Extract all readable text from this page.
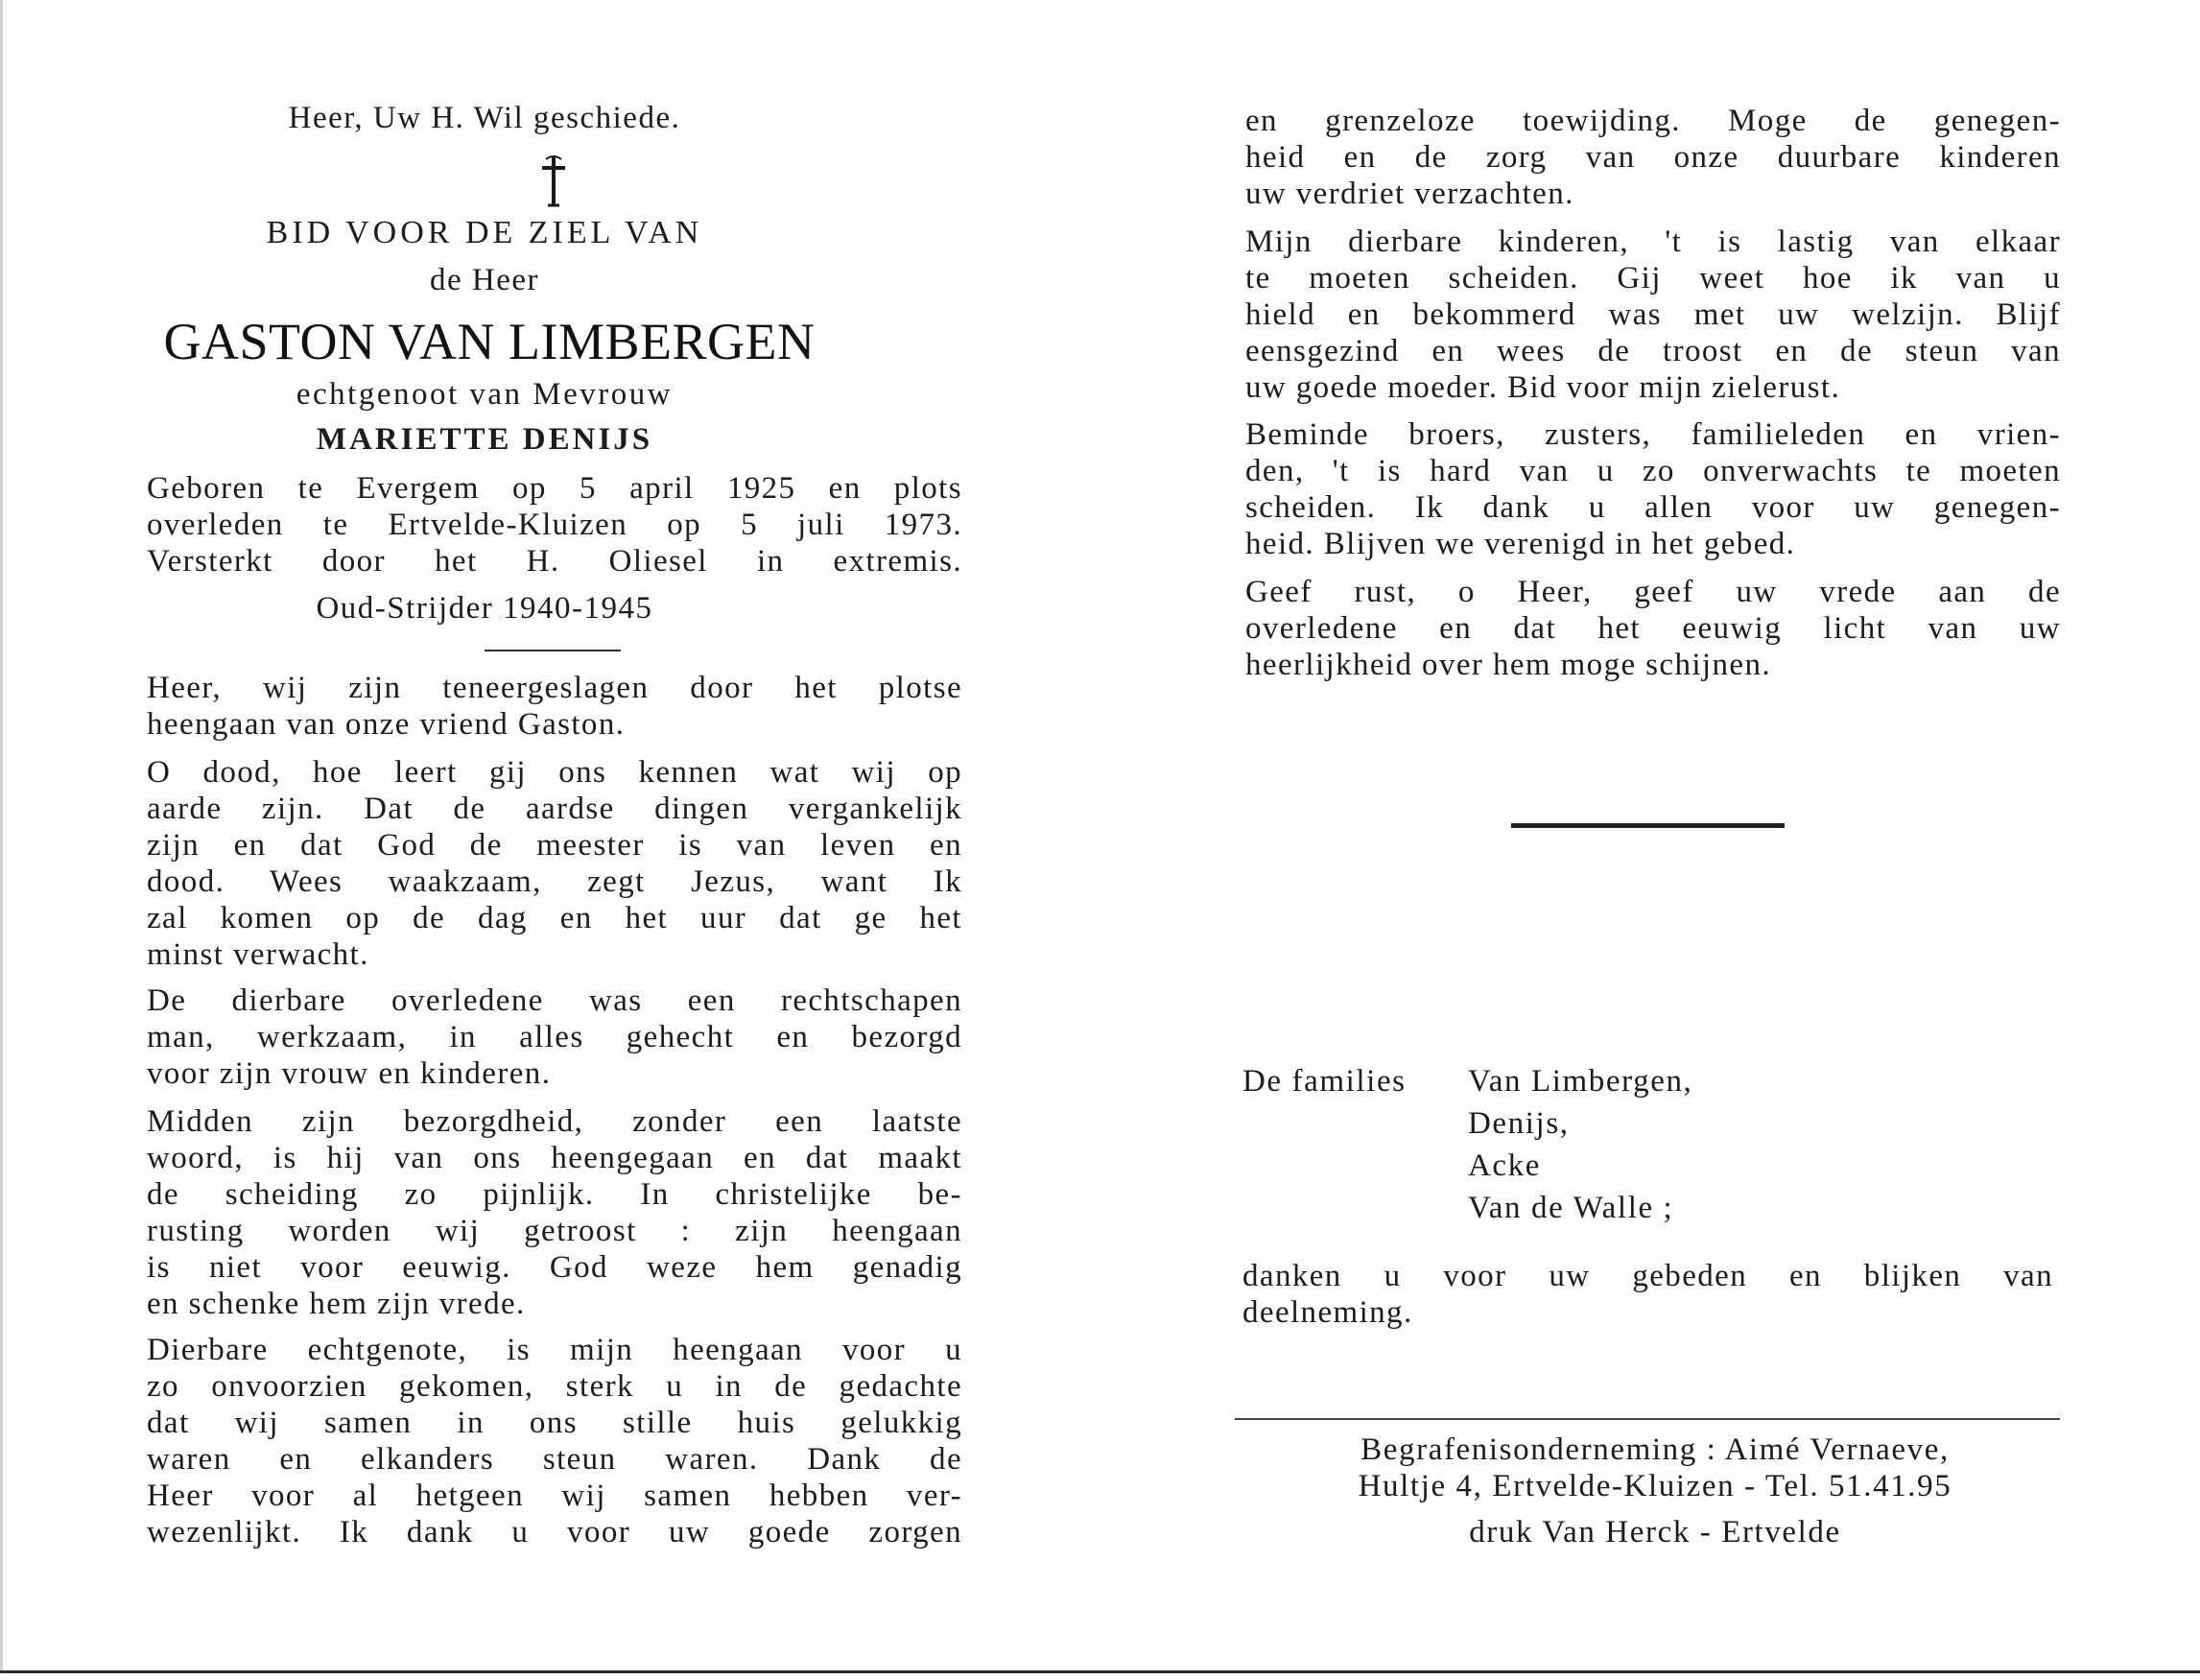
Heer, Uw H. Wil geschiede.
BID VOOR DE ZIEL VAN
de Heer
GASTON VAN LIMBERGEN
echtgenoot van Mevrouw
MARIETTE DENIJS
Geboren te Evergem op 5 april 1925 en plots
overleden te Ertvelde-Kluizen op 5 juli 1973.
Versterkt door het H. Oliesel in extremis.
Oud-Strijder 1940-1945
Heer, wij zijn teneergeslagen door het plotse
heengaan van onze vriend Gaston.
O dood, hoe leert gij ons kennen wat wij op
aarde zijn. Dat de aardse dingen vergankelijk
zijn en dat God de meester is van leven en
dood. Wees waakzaam, zegt Jezus, want Ik
zal komen op de dag en het uur dat ge het
minst verwacht.
De dierbare overledene was een rechtschapen
man, werkzaam, in alles gehecht en bezorgd
voor zijn vrouw en kinderen.
Midden zijn bezorgdheid, zonder een laatste
woord, is hij van ons heengegaan en dat maakt
de scheiding zo pijnlijk. In christelijke be-
rusting worden wij getroost : zijn heengaan
is niet voor eeuwig. God weze hem genadig
en schenke hem zijn vrede.
Dierbare echtgenote, is mijn heengaan voor u
zo onvoorzien gekomen, sterk u in de gedachte
dat wij samen in ons stille huis gelukkig
waren en elkanders steun waren. Dank de
Heer voor al hetgeen wij samen hebben ver-
wezenlijkt. Ik dank u voor uw goede zorgen
en grenzeloze toewijding. Moge de genegen-
heid en de zorg van onze duurbare kinderen
uw verdriet verzachten.
Mijn dierbare kinderen, 't is lastig van elkaar
te moeten scheiden. Gij weet hoe ik van u
hield en bekommerd was met uw welzijn. Blijf
eensgezind en wees de troost en de steun van
uw goede moeder. Bid voor mijn zielerust.
Beminde broers, zusters, familieleden en vrien-
den, 't is hard van u zo onverwachts te moeten
scheiden. Ik dank u allen voor uw genegen-
heid. Blijven we verenigd in het gebed.
Geef rust, o Heer, geef uw vrede aan de
overledene en dat het eeuwig licht van uw
heerlijkheid over hem moge schijnen.
De families Van Limbergen,
Denijs,
Acke
Van de Walle ;
danken u voor uw gebeden en blijken van
deelneming.
Begrafenisonderneming : Aimé Vernaeve,
Hultje 4, Ertvelde-Kluizen - Tel. 51.41.95
druk Van Herck - Ertvelde
